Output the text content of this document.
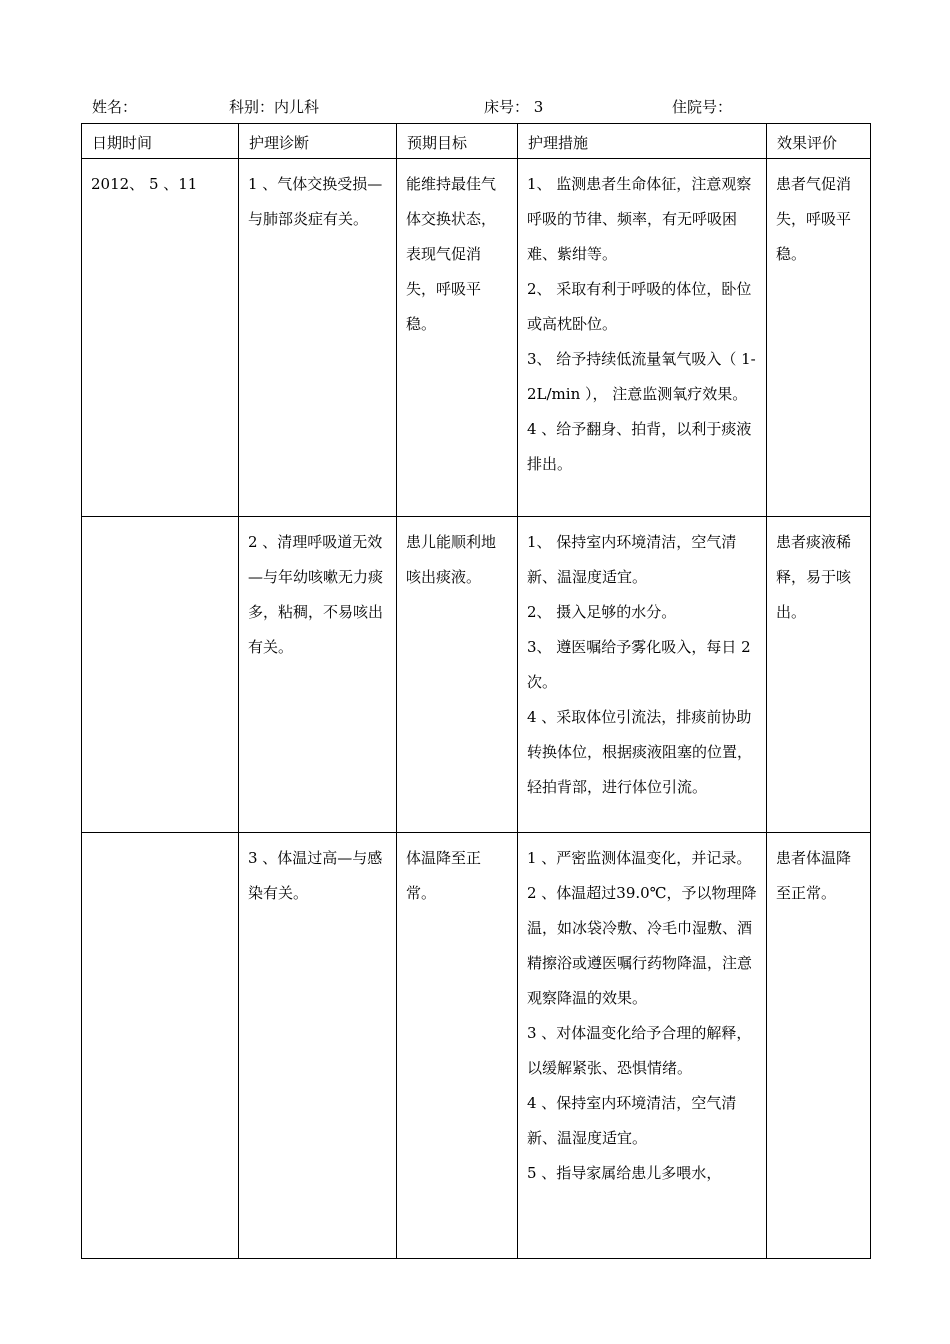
姓名：	科别：内儿科	床号： 3	住院号：
日期时间	护理诊断	预期目标	护理措施	效果评价

2012、 5 、11	1 、气体交换受损—与肺部炎症有关。	能维持最佳气体交换状态，表现气促消失，呼吸平稳。	1、 监测患者生命体征，注意观察呼吸的节律、频率，有无呼吸困难、紫绀等。
2、 采取有利于呼吸的体位，卧位或高枕卧位。
3、 给予持续低流量氧气吸入（ 1-2L/min ）， 注意监测氧疗效果。
4 、给予翻身、拍背，以利于痰液排出。	患者气促消失，呼吸平稳。

	2 、清理呼吸道无效—与年幼咳嗽无力痰多，粘稠，不易咳出有关。	患儿能顺利地咳出痰液。	1、 保持室内环境清洁，空气清新、温湿度适宜。
2、 摄入足够的水分。
3、 遵医嘱给予雾化吸入，每日 2 次。
4 、采取体位引流法，排痰前协助转换体位，根据痰液阻塞的位置，轻拍背部，进行体位引流。	患者痰液稀释，易于咳出。

	3 、体温过高—与感染有关。	体温降至正常。	1 、严密监测体温变化，并记录。
2 、体温超过39.0℃，予以物理降温，如冰袋冷敷、冷毛巾湿敷、酒精擦浴或遵医嘱行药物降温，注意观察降温的效果。
3 、对体温变化给予合理的解释，以缓解紧张、恐惧情绪。
4 、保持室内环境清洁，空气清新、温湿度适宜。
5 、指导家属给患儿多喂水，	患者体温降至正常。
